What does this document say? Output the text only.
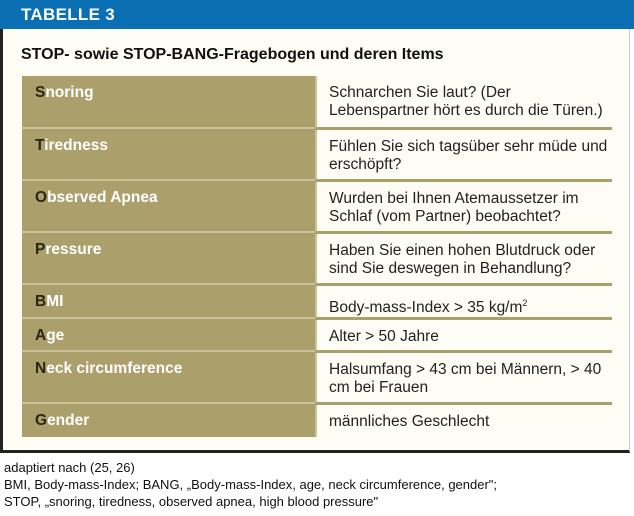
TABELLE 3
STOP- sowie STOP-BANG-Fragebogen und deren Items
Snoring	Schnarchen Sie laut? (Der Lebenspartner hört es durch die Türen.)
Tiredness	Fühlen Sie sich tagsüber sehr müde und erschöpft?
Observed Apnea	Wurden bei Ihnen Atemaussetzer im Schlaf (vom Partner) beobachtet?
Pressure	Haben Sie einen hohen Blutdruck oder sind Sie deswegen in Behandlung?
BMI	Body-mass-Index > 35 $kg/m^2$
Age	Alter > 50 Jahre
Neck circumference	Halsumfang > 43 cm bei Männern, > 40 cm bei Frauen
Gender	männliches Geschlecht
adaptiert nach (25, 26)
BMI, Body-mass-Index; BANG, „Body-mass-Index, age, neck circumference, gender";
STOP, „snoring, tiredness, observed apnea, high blood pressure"
